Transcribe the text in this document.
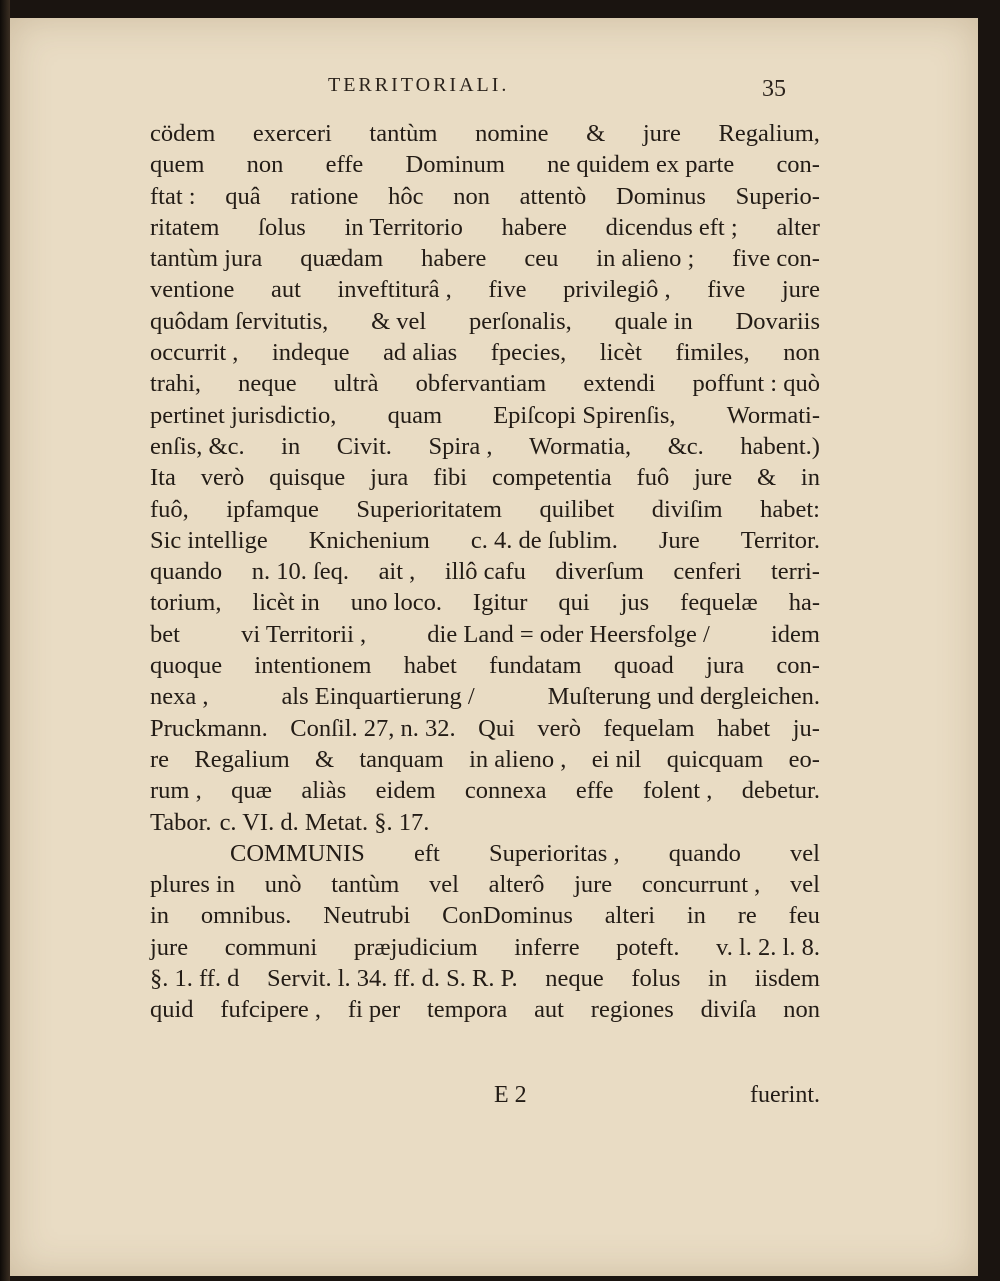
TERRITORIALI.	35
cödem exerceri tantùm nomine & jure Regalium,
quem non effe Dominum ne quidem ex parte con-
ftat : quâ ratione hôc non attentò Dominus Superio-
ritatem ſolus in Territorio habere dicendus eft ; alter
tantùm jura quædam habere ceu in alieno ; five con-
ventione aut inveftiturâ , five privilegiô , five jure
quôdam ſervitutis, & vel perſonalis, quale in Dovariis
occurrit , indeque ad alias fpecies, licèt fimiles, non
trahi, neque ultrà obfervantiam extendi poffunt : quò
pertinet jurisdictio, quam Epiſcopi Spirenſis, Wormati-
enſis, &c. in Civit. Spira , Wormatia, &c. habent.)
Ita verò quisque jura fibi competentia fuô jure & in
fuô, ipfamque Superioritatem quilibet diviſim habet:
Sic intellige Knichenium c. 4. de ſublim. Jure Territor.
quando n. 10. ſeq. ait , illô cafu diverſum cenferi terri-
torium, licèt in uno loco. Igitur qui jus fequelæ ha-
bet vi Territorii , die Land = oder Heersfolge / idem
quoque intentionem habet fundatam quoad jura con-
nexa ,	als Einquartierung /	Muſterung und dergleichen.
Pruckmann. Conſil. 27, n. 32. Qui verò fequelam habet ju-
re Regalium & tanquam in alieno , ei nil quicquam eo-
rum , quæ aliàs eidem connexa effe folent , debetur.
Tabor. c. VI. d. Metat. §. 17.
COMMUNIS eft Superioritas , quando vel
plures in unò tantùm vel alterô jure concurrunt , vel
in omnibus. Neutrubi ConDominus alteri in re feu
jure communi præjudicium inferre poteft. v. l. 2. l. 8.
§. 1. ff. d Servit. l. 34. ff. d. S. R. P. neque folus in iisdem
quid fufcipere , fi per tempora aut regiones diviſa non
E 2	fuerint.
